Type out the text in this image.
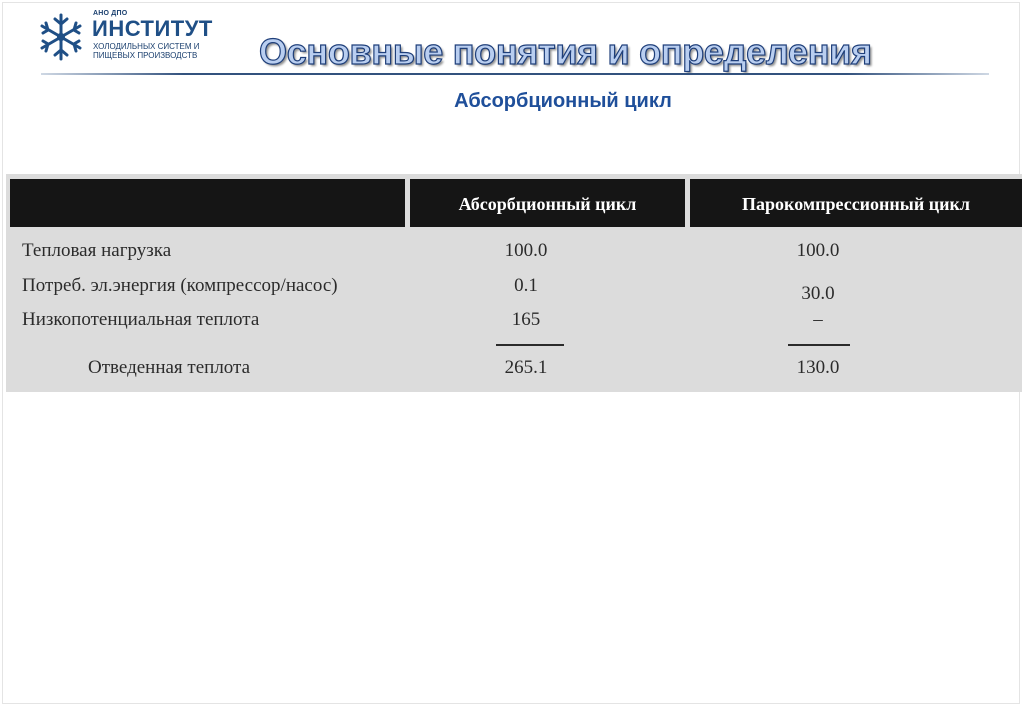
АНО ДПО
ИНСТИТУТ
ХОЛОДИЛЬНЫХ СИСТЕМ И
ПИЩЕВЫХ ПРОИЗВОДСТВ	Основные понятия и определения
Абсорбционный цикл
Абсорбционный цикл	Парокомпрессионный цикл
Тепловая нагрузка	100.0	100.0
Потреб. эл.энергия (компрессор/насос)	0.1	30.0
Низкопотенциальная теплота	165	–
Отведенная теплота	265.1	130.0
